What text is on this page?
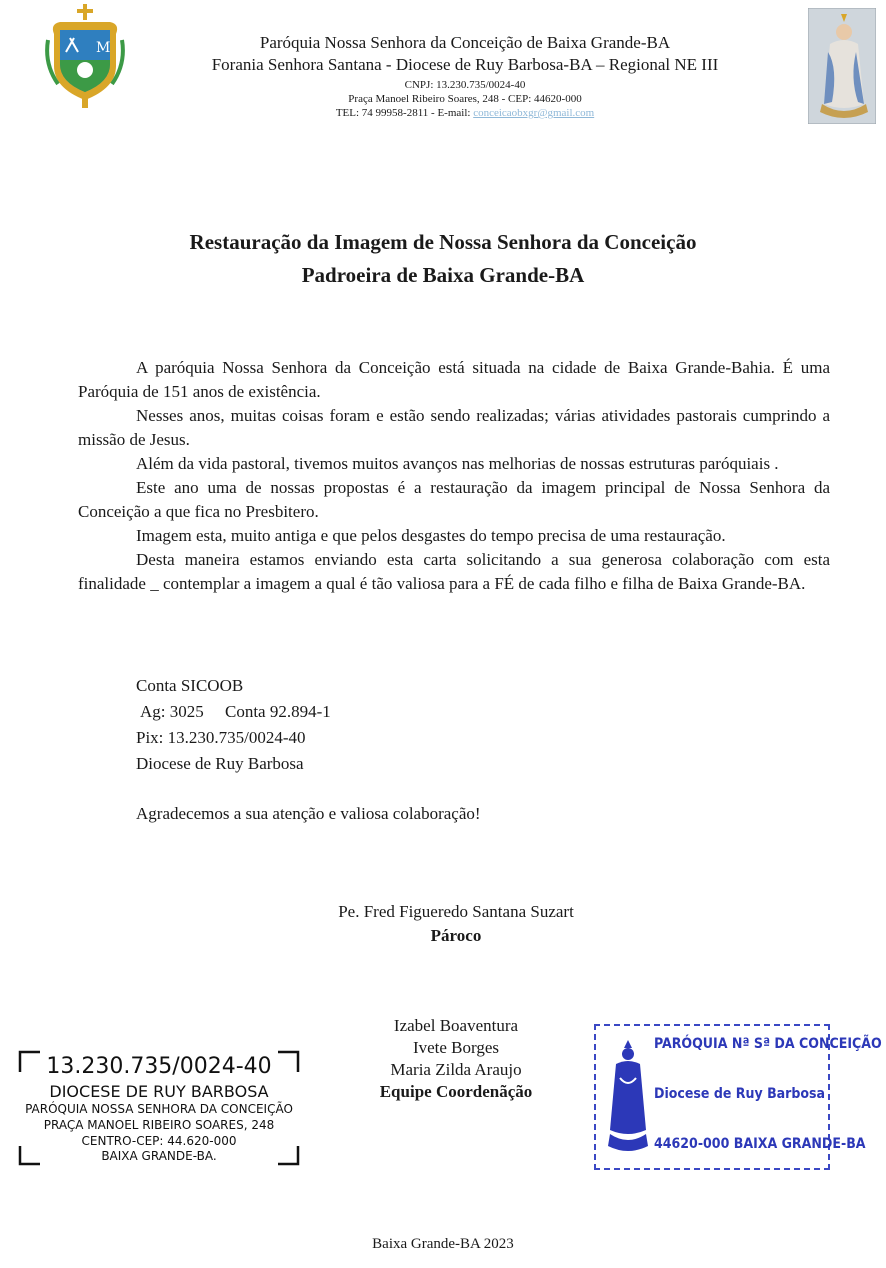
M	Paróquia Nossa Senhora da Conceição de Baixa Grande-BA
Forania Senhora Santana - Diocese de Ruy Barbosa-BA – Regional NE III
CNPJ: 13.230.735/0024-40
Praça Manoel Ribeiro Soares, 248 - CEP: 44620-000
TEL: 74 99958-2811 - E-mail: conceicaobxgr@gmail.com
Restauração da Imagem de Nossa Senhora da Conceição
Padroeira de Baixa Grande-BA

A paróquia Nossa Senhora da Conceição está situada na cidade de Baixa Grande-Bahia. É uma Paróquia de 151 anos de existência.

Nesses anos, muitas coisas foram e estão sendo realizadas; várias atividades pastorais cumprindo a missão de Jesus.

Além da vida pastoral, tivemos muitos avanços nas melhorias de nossas estruturas paróquiais .

Este ano uma de nossas propostas é a restauração da imagem principal de Nossa Senhora da Conceição a que fica no Presbitero.

Imagem esta, muito antiga e que pelos desgastes do tempo precisa de uma restauração.

Desta maneira estamos enviando esta carta solicitando a sua generosa colaboração com esta finalidade _ contemplar a imagem a qual é tão valiosa para a FÉ de cada filho e filha de Baixa Grande-BA.

Conta SICOOB
Ag: 3025     Conta 92.894-1
Pix: 13.230.735/0024-40
Diocese de Ruy Barbosa
Agradecemos a sua atenção e valiosa colaboração!
Pe. Fred Figueredo Santana Suzart
Pároco
Izabel Boaventura
Ivete Borges
Maria Zilda Araujo
Equipe Coordenãção
13.230.735/0024-40
DIOCESE DE RUY BARBOSA
PARÓQUIA NOSSA SENHORA DA CONCEIÇÃO
PRAÇA MANOEL RIBEIRO SOARES, 248
CENTRO-CEP: 44.620-000
BAIXA GRANDE-BA.
PARÓQUIA Nª Sª DA CONCEIÇÃO
Diocese de Ruy Barbosa
44620-000 BAIXA GRANDE-BA
Baixa Grande-BA 2023
